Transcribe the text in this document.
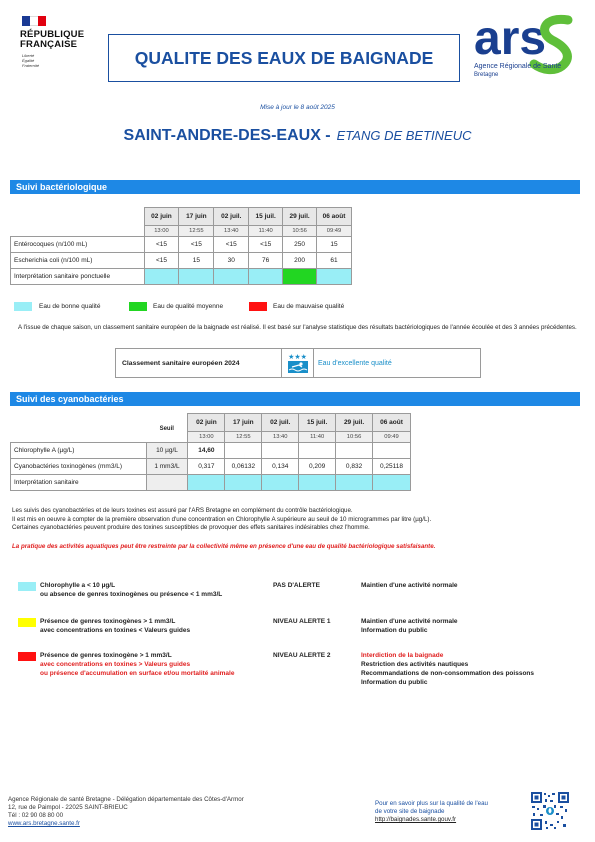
RÉPUBLIQUE
FRANÇAISE
Liberté
Égalité
Fraternité	QUALITE DES EAUX DE BAIGNADE ars
Agence Régionale de Santé
Bretagne
Mise à jour le 8 août 2025
SAINT-ANDRE-DES-EAUX - ETANG DE BETINEUC
Suivi bactériologique
	02 juin	17 juin	02 juil.	15 juil.	29 juil.	06 août
	13:00	12:55	13:40	11:40	10:56	09:49
Entérocoques (n/100 mL)	<15	<15	<15	<15	250	15
Escherichia coli (n/100 mL)	<15	15	30	76	200	61
Interprétation sanitaire ponctuelle						
Eau de bonne qualité	Eau de qualité moyenne	Eau de mauvaise qualité
A l'issue de chaque saison, un classement sanitaire européen de la baignade est réalisé. Il est basé sur l'analyse statistique des résultats bactériologiques de l'année écoulée et des 3 années précédentes.
Classement sanitaire européen 2024
★★★
Eau d'excellente qualité
Suivi des cyanobactéries
	Seuil	02 juin	17 juin	02 juil.	15 juil.	29 juil.	06 août
		13:00	12:55	13:40	11:40	10:56	09:49
Chlorophylle A (µg/L)	10 µg/L	14,60					
Cyanobactéries toxinogènes (mm3/L)	1 mm3/L	0,317	0,06132	0,134	0,209	0,832	0,25118
Interprétation sanitaire							
Les suivis des cyanobactéries et de leurs toxines est assuré par l'ARS Bretagne en complément du contrôle bactériologique.
Il est mis en oeuvre à compter de la première observation d'une concentration en Chlorophylle A supérieure au seuil de 10 microgrammes par litre (µg/L).
Certaines cyanobactéries peuvent produire des toxines susceptibles de provoquer des effets sanitaires indésirables chez l'homme.
La pratique des activités aquatiques peut être restreinte par la collectivité même en présence d'une eau de qualité bactériologique satisfaisante.
Chlorophylle a < 10 µg/L
ou absence de genres toxinogènes ou présence < 1 mm3/L
PAS D'ALERTE	Maintien d'une activité normale
Présence de genres toxinogènes > 1 mm3/L
avec concentrations en toxines < Valeurs guides
NIVEAU ALERTE 1	Maintien d'une activité normale
Information du public
Présence de genres toxinogène > 1 mm3/L
avec concentrations en toxines > Valeurs guides
ou présence d'accumulation en surface et/ou mortalité animale
NIVEAU ALERTE 2	Interdiction de la baignade
Restriction des activités nautiques
Recommandations de non-consommation des poissons
Information du public
Agence Régionale de santé Bretagne - Délégation départementale des Côtes-d'Armor
12, rue de Paimpol - 22025 SAINT-BRIEUC
Tél : 02 90 08 80 00
www.ars.bretagne.sante.fr
Pour en savoir plus sur la qualité de l'eau
de votre site de baignade
http://baignades.sante.gouv.fr
